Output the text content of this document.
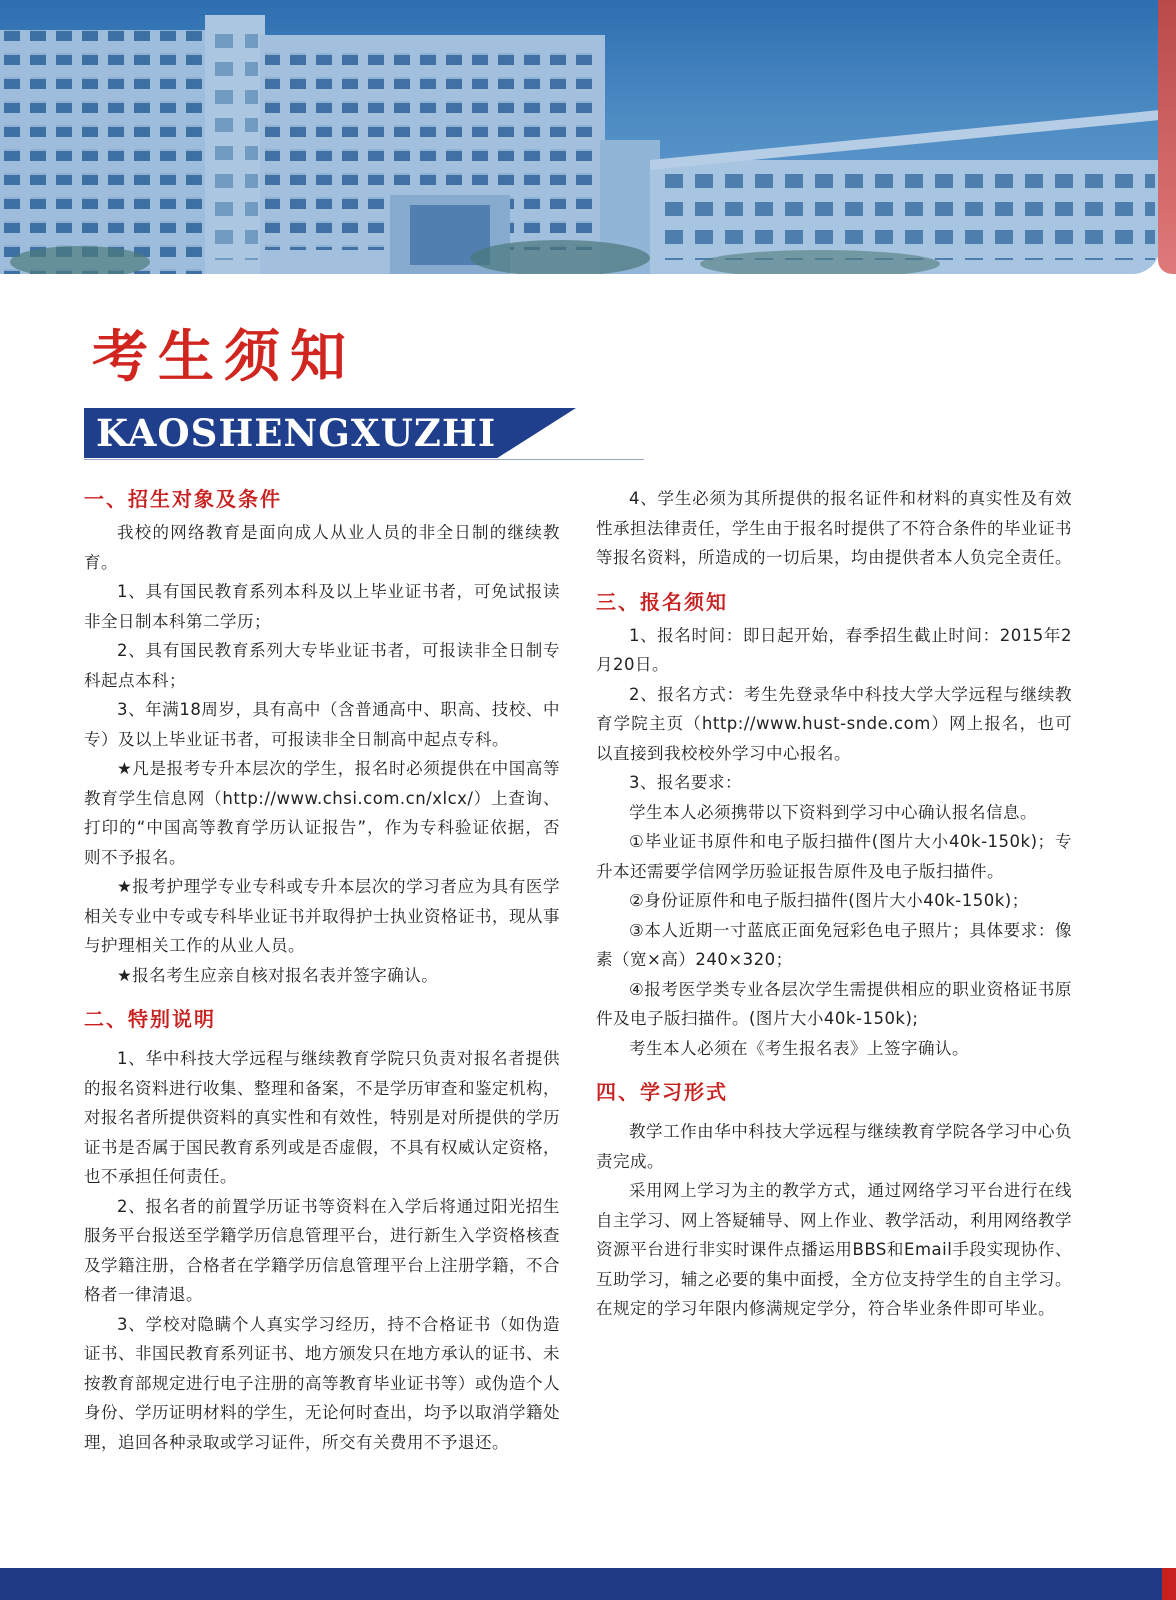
考生须知
KAOSHENGXUZHI
一、招生对象及条件

我校的网络教育是面向成人从业人员的非全日制的继续教育。

1、具有国民教育系列本科及以上毕业证书者，可免试报读非全日制本科第二学历；

2、具有国民教育系列大专毕业证书者，可报读非全日制专科起点本科；

3、年满18周岁，具有高中（含普通高中、职高、技校、中专）及以上毕业证书者，可报读非全日制高中起点专科。

★凡是报考专升本层次的学生，报名时必须提供在中国高等教育学生信息网（http://www.chsi.com.cn/xlcx/）上查询、打印的“中国高等教育学历认证报告”，作为专科验证依据，否则不予报名。

★报考护理学专业专科或专升本层次的学习者应为具有医学相关专业中专或专科毕业证书并取得护士执业资格证书，现从事与护理相关工作的从业人员。

★报名考生应亲自核对报名表并签字确认。

二、特别说明

1、华中科技大学远程与继续教育学院只负责对报名者提供的报名资料进行收集、整理和备案，不是学历审查和鉴定机构，对报名者所提供资料的真实性和有效性，特别是对所提供的学历证书是否属于国民教育系列或是否虚假，不具有权威认定资格，也不承担任何责任。

2、报名者的前置学历证书等资料在入学后将通过阳光招生服务平台报送至学籍学历信息管理平台，进行新生入学资格核查及学籍注册，合格者在学籍学历信息管理平台上注册学籍，不合格者一律清退。

3、学校对隐瞒个人真实学习经历，持不合格证书（如伪造证书、非国民教育系列证书、地方颁发只在地方承认的证书、未按教育部规定进行电子注册的高等教育毕业证书等）或伪造个人身份、学历证明材料的学生，无论何时查出，均予以取消学籍处理，追回各种录取或学习证件，所交有关费用不予退还。

4、学生必须为其所提供的报名证件和材料的真实性及有效性承担法律责任，学生由于报名时提供了不符合条件的毕业证书等报名资料，所造成的一切后果，均由提供者本人负完全责任。

三、报名须知

1、报名时间：即日起开始，春季招生截止时间：2015年2月20日。

2、报名方式：考生先登录华中科技大学大学远程与继续教育学院主页（http://www.hust-snde.com）网上报名，也可以直接到我校校外学习中心报名。

3、报名要求：

学生本人必须携带以下资料到学习中心确认报名信息。

①毕业证书原件和电子版扫描件(图片大小40k-150k)；专升本还需要学信网学历验证报告原件及电子版扫描件。

②身份证原件和电子版扫描件(图片大小40k-150k)；

③本人近期一寸蓝底正面免冠彩色电子照片；具体要求：像素（宽×高）240×320；

④报考医学类专业各层次学生需提供相应的职业资格证书原件及电子版扫描件。(图片大小40k-150k);

考生本人必须在《考生报名表》上签字确认。

四、学习形式

教学工作由华中科技大学远程与继续教育学院各学习中心负责完成。

采用网上学习为主的教学方式，通过网络学习平台进行在线自主学习、网上答疑辅导、网上作业、教学活动，利用网络教学资源平台进行非实时课件点播运用BBS和Email手段实现协作、互助学习，辅之必要的集中面授，全方位支持学生的自主学习。在规定的学习年限内修满规定学分，符合毕业条件即可毕业。
